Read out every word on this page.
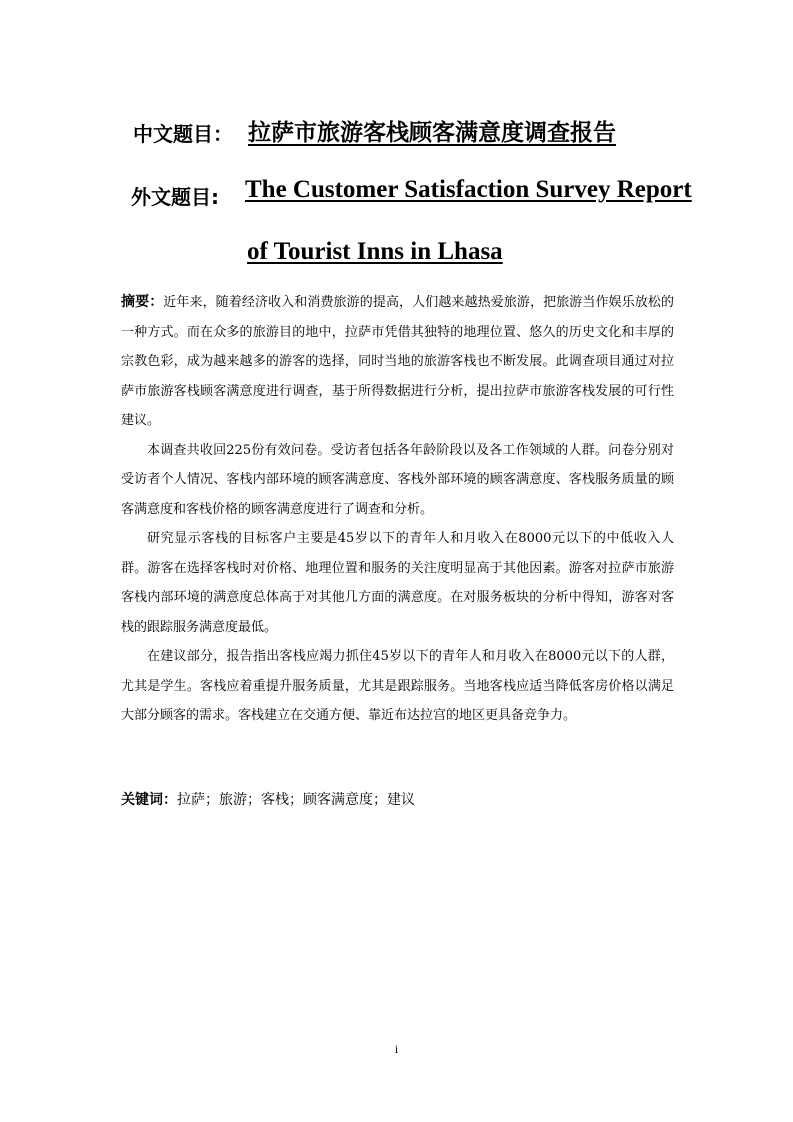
中文题目： 拉萨市旅游客栈顾客满意度调查报告
外文题目: The Customer Satisfaction Survey Report
of Tourist Inns in Lhasa

摘要：近年来，随着经济收入和消费旅游的提高，人们越来越热爱旅游，把旅游当作娱乐放松的一种方式。而在众多的旅游目的地中，拉萨市凭借其独特的地理位置、悠久的历史文化和丰厚的宗教色彩，成为越来越多的游客的选择，同时当地的旅游客栈也不断发展。此调查项目通过对拉萨市旅游客栈顾客满意度进行调查，基于所得数据进行分析，提出拉萨市旅游客栈发展的可行性建议。

本调查共收回225份有效问卷。受访者包括各年龄阶段以及各工作领域的人群。问卷分别对受访者个人情况、客栈内部环境的顾客满意度、客栈外部环境的顾客满意度、客栈服务质量的顾客满意度和客栈价格的顾客满意度进行了调查和分析。

研究显示客栈的目标客户主要是45岁以下的青年人和月收入在8000元以下的中低收入人群。游客在选择客栈时对价格、地理位置和服务的关注度明显高于其他因素。游客对拉萨市旅游客栈内部环境的满意度总体高于对其他几方面的满意度。在对服务板块的分析中得知，游客对客栈的跟踪服务满意度最低。

在建议部分，报告指出客栈应竭力抓住45岁以下的青年人和月收入在8000元以下的人群，尤其是学生。客栈应着重提升服务质量，尤其是跟踪服务。当地客栈应适当降低客房价格以满足大部分顾客的需求。客栈建立在交通方便、靠近布达拉宫的地区更具备竞争力。

关键词：拉萨；旅游；客栈；顾客满意度；建议
i
